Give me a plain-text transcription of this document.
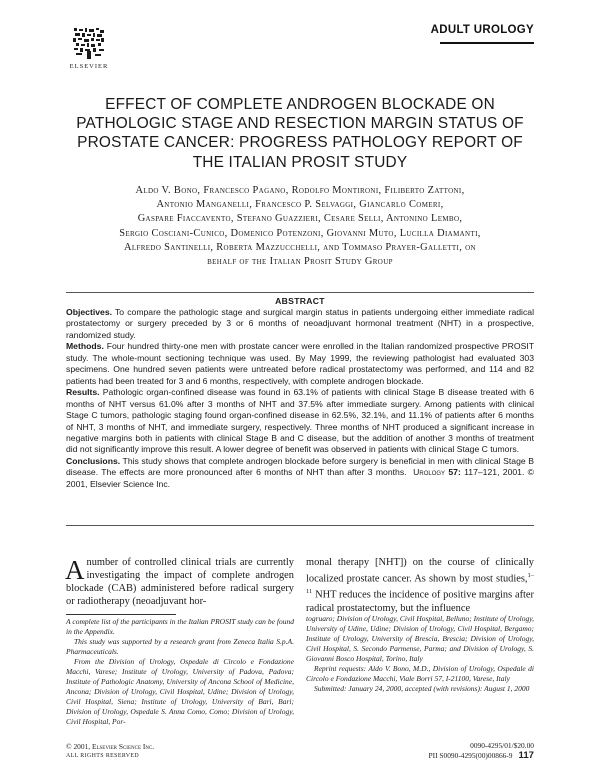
ELSEVIER
ADULT UROLOGY
EFFECT OF COMPLETE ANDROGEN BLOCKADE ON
PATHOLOGIC STAGE AND RESECTION MARGIN STATUS OF
PROSTATE CANCER: PROGRESS PATHOLOGY REPORT OF
THE ITALIAN PROSIT STUDY
Aldo V. Bono, Francesco Pagano, Rodolfo Montironi, Filiberto Zattoni,
Antonio Manganelli, Francesco P. Selvaggi, Giancarlo Comeri,
Gaspare Fiaccavento, Stefano Guazzieri, Cesare Selli, Antonino Lembo,
Sergio Cosciani-Cunico, Domenico Potenzoni, Giovanni Muto, Lucilla Diamanti,
Alfredo Santinelli, Roberta Mazzucchelli, and Tommaso Prayer-Galletti, on
behalf of the Italian Prosit Study Group
ABSTRACT

Objectives. To compare the pathologic stage and surgical margin status in patients undergoing either immediate radical prostatectomy or surgery preceded by 3 or 6 months of neoadjuvant hormonal treatment (NHT) in a prospective, randomized study.

Methods. Four hundred thirty-one men with prostate cancer were enrolled in the Italian randomized prospective PROSIT study. The whole-mount sectioning technique was used. By May 1999, the reviewing pathologist had evaluated 303 specimens. One hundred seven patients were untreated before radical prostatectomy was performed, and 114 and 82 patients had been treated for 3 and 6 months, respectively, with complete androgen blockade.

Results. Pathologic organ-confined disease was found in 63.1% of patients with clinical Stage B disease treated with 6 months of NHT versus 61.0% after 3 months of NHT and 37.5% after immediate surgery. Among patients with clinical Stage C tumors, pathologic staging found organ-confined disease in 62.5%, 32.1%, and 11.1% of patients after 6 months of NHT, 3 months of NHT, and immediate surgery, respectively. Three months of NHT produced a significant increase in negative margins both in patients with clinical Stage B and C disease, but the addition of another 3 months of treatment did not significantly improve this result. A lower degree of benefit was observed in patients with clinical Stage C tumors.

Conclusions. This study shows that complete androgen blockade before surgery is beneficial in men with clinical Stage B disease. The effects are more pronounced after 6 months of NHT than after 3 months. Urology 57: 117–121, 2001. © 2001, Elsevier Science Inc.

Anumber of controlled clinical trials are currently investigating the impact of complete androgen blockade (CAB) administered before radical surgery or radiotherapy (neoadjuvant hor-
monal therapy [NHT]) on the course of clinically localized prostate cancer. As shown by most studies,$^{1-11}$ NHT reduces the incidence of positive margins after radical prostatectomy, but the influence

A complete list of the participants in the Italian PROSIT study can be found in the Appendix.

This study was supported by a research grant from Zeneca Italia S.p.A. Pharmaceuticals.

From the Division of Urology, Ospedale di Circolo e Fondazione Macchi, Varese; Institute of Urology, University of Padova, Padova; Institute of Pathologic Anatomy, University of Ancona School of Medicine, Ancona; Division of Urology, Civil Hospital, Udine; Division of Urology, Civil Hospital, Siena; Institute of Urology, University of Bari, Bari; Division of Urology, Ospedale S. Anna Como, Como; Division of Urology, Civil Hospital, Por-

togruaro; Division of Urology, Civil Hospital, Belluno; Institute of Urology, University of Udine, Udine; Division of Urology, Civil Hospital, Bergamo; Institute of Urology, University of Brescia, Brescia; Division of Urology, Civil Hospital, S. Secondo Parmense, Parma; and Division of Urology, S. Giovanni Bosco Hospital, Torino, Italy

Reprint requests: Aldo V. Bono, M.D., Division of Urology, Ospedale di Circolo e Fondazione Macchi, Viale Borri 57, I-21100, Varese, Italy

Submitted: January 24, 2000, accepted (with revisions): August 1, 2000

© 2001, Elsevier Science Inc.
ALL RIGHTS RESERVED
0090-4295/01/$20.00
PII S0090-4295(00)00866-9 117
